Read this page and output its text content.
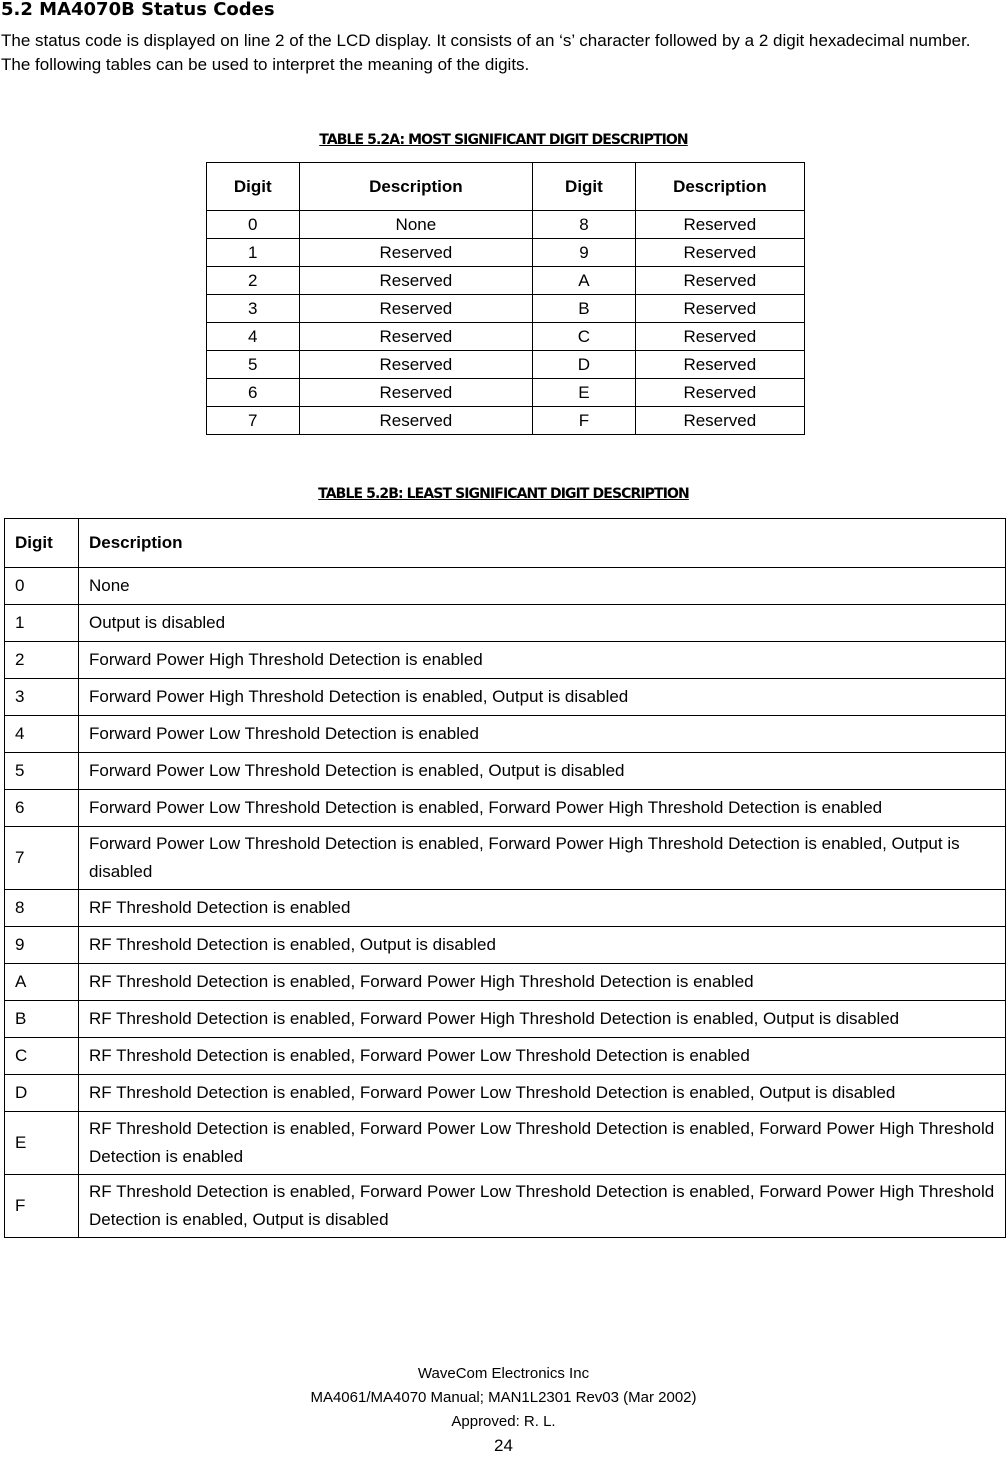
5.2 MA4070B Status Codes

The status code is displayed on line 2 of the LCD display. It consists of an ‘s’ character followed by a 2 digit hexadecimal number. The following tables can be used to interpret the meaning of the digits.

TABLE 5.2A: MOST SIGNIFICANT DIGIT DESCRIPTION

Digit	Description	Digit	Description
0	None	8	Reserved
1	Reserved	9	Reserved
2	Reserved	A	Reserved
3	Reserved	B	Reserved
4	Reserved	C	Reserved
5	Reserved	D	Reserved
6	Reserved	E	Reserved
7	Reserved	F	Reserved

TABLE 5.2B: LEAST SIGNIFICANT DIGIT DESCRIPTION

Digit	Description
0	None
1	Output is disabled
2	Forward Power High Threshold Detection is enabled
3	Forward Power High Threshold Detection is enabled, Output is disabled
4	Forward Power Low Threshold Detection is enabled
5	Forward Power Low Threshold Detection is enabled, Output is disabled
6	Forward Power Low Threshold Detection is enabled, Forward Power High Threshold Detection is enabled
7	Forward Power Low Threshold Detection is enabled, Forward Power High Threshold Detection is enabled, Output is disabled
8	RF Threshold Detection is enabled
9	RF Threshold Detection is enabled, Output is disabled
A	RF Threshold Detection is enabled, Forward Power High Threshold Detection is enabled
B	RF Threshold Detection is enabled, Forward Power High Threshold Detection is enabled, Output is disabled
C	RF Threshold Detection is enabled, Forward Power Low Threshold Detection is enabled
D	RF Threshold Detection is enabled, Forward Power Low Threshold Detection is enabled, Output is disabled
E	RF Threshold Detection is enabled, Forward Power Low Threshold Detection is enabled, Forward Power High Threshold Detection is enabled
F	RF Threshold Detection is enabled, Forward Power Low Threshold Detection is enabled, Forward Power High Threshold Detection is enabled, Output is disabled

WaveCom Electronics Inc

MA4061/MA4070 Manual; MAN1L2301 Rev03 (Mar 2002)

Approved: R. L.

24
